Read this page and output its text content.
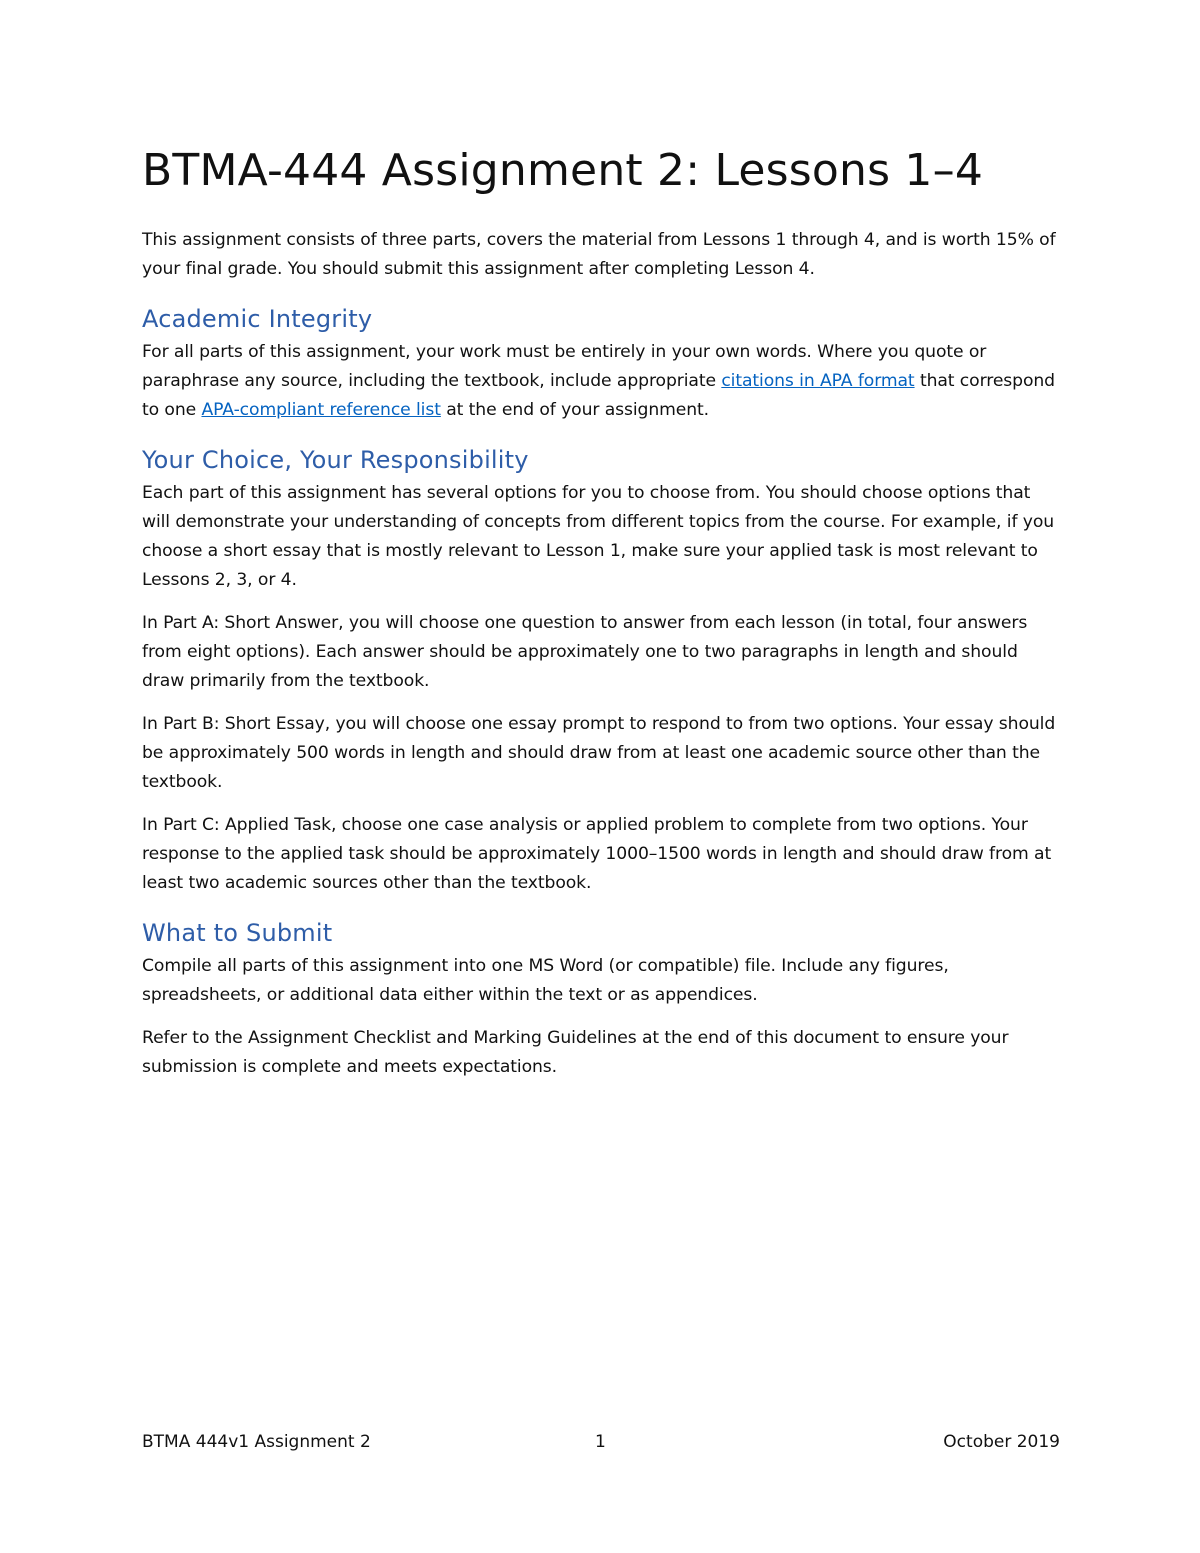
BTMA-444 Assignment 2: Lessons 1–4

This assignment consists of three parts, covers the material from Lessons 1 through 4, and is worth 15% of your final grade. You should submit this assignment after completing Lesson 4.

Academic Integrity

For all parts of this assignment, your work must be entirely in your own words. Where you quote or paraphrase any source, including the textbook, include appropriate citations in APA format that correspond to one APA-compliant reference list at the end of your assignment.

Your Choice, Your Responsibility

Each part of this assignment has several options for you to choose from. You should choose options that will demonstrate your understanding of concepts from different topics from the course. For example, if you choose a short essay that is mostly relevant to Lesson 1, make sure your applied task is most relevant to Lessons 2, 3, or 4.

In Part A: Short Answer, you will choose one question to answer from each lesson (in total, four answers from eight options). Each answer should be approximately one to two paragraphs in length and should draw primarily from the textbook.

In Part B: Short Essay, you will choose one essay prompt to respond to from two options. Your essay should be approximately 500 words in length and should draw from at least one academic source other than the textbook.

In Part C: Applied Task, choose one case analysis or applied problem to complete from two options. Your response to the applied task should be approximately 1000–1500 words in length and should draw from at least two academic sources other than the textbook.

What to Submit

Compile all parts of this assignment into one MS Word (or compatible) file. Include any figures, spreadsheets, or additional data either within the text or as appendices.

Refer to the Assignment Checklist and Marking Guidelines at the end of this document to ensure your submission is complete and meets expectations.

BTMA 444v1 Assignment 2	1	October 2019
